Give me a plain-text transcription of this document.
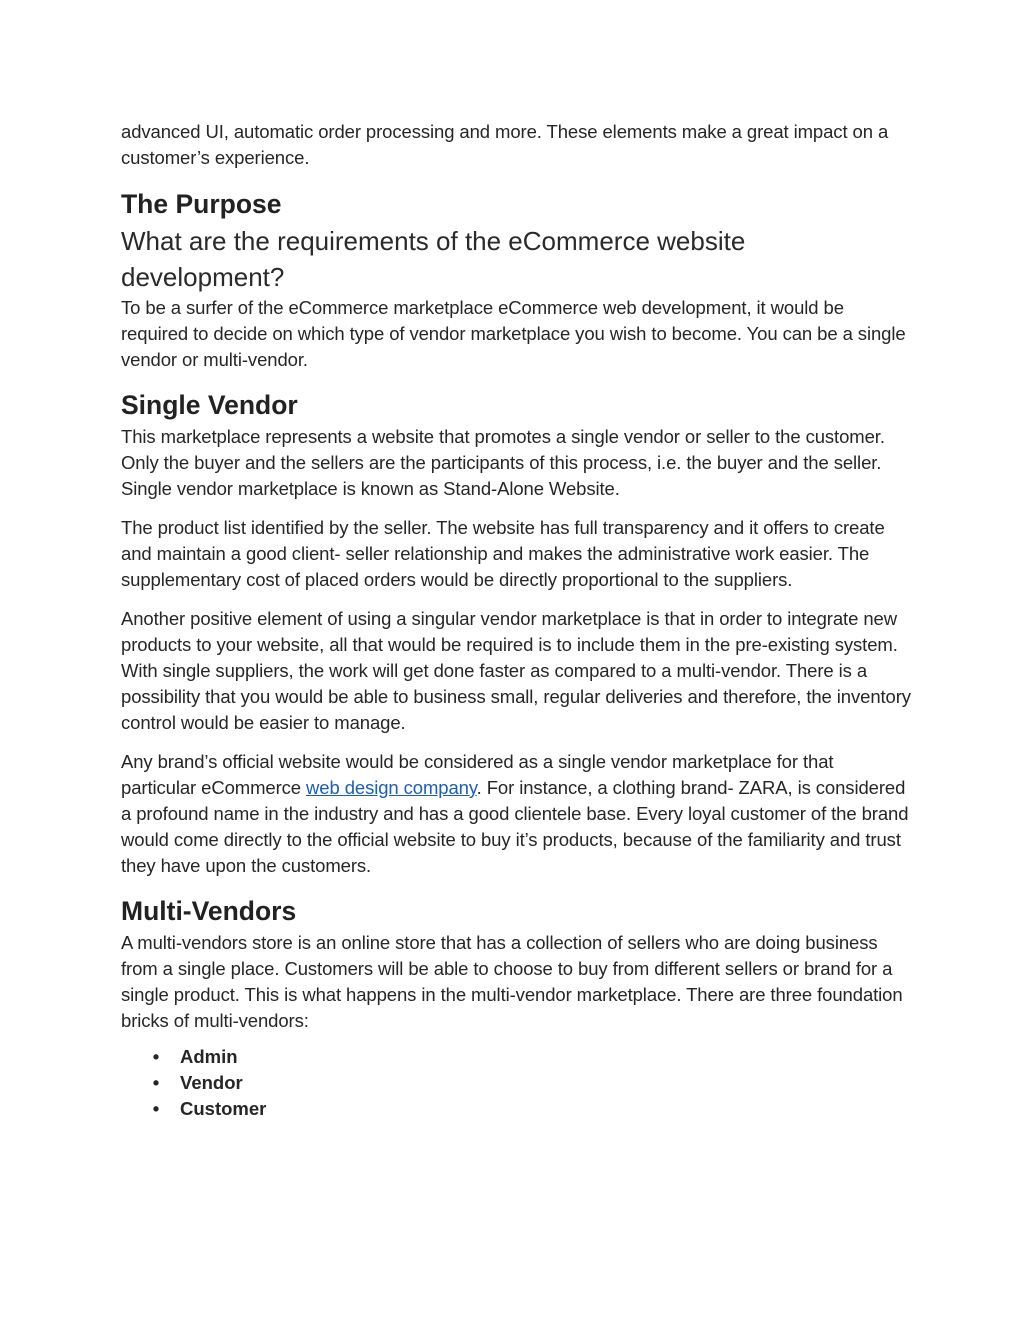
advanced UI, automatic order processing and more. These elements make a great impact on a customer’s experience.

The Purpose
What are the requirements of the eCommerce website development?

To be a surfer of the eCommerce marketplace eCommerce web development, it would be required to decide on which type of vendor marketplace you wish to become. You can be a single vendor or multi-vendor.

Single Vendor

This marketplace represents a website that promotes a single vendor or seller to the customer. Only the buyer and the sellers are the participants of this process, i.e. the buyer and the seller. Single vendor marketplace is known as Stand-Alone Website.

The product list identified by the seller. The website has full transparency and it offers to create and maintain a good client- seller relationship and makes the administrative work easier. The supplementary cost of placed orders would be directly proportional to the suppliers.

Another positive element of using a singular vendor marketplace is that in order to integrate new products to your website, all that would be required is to include them in the pre-existing system. With single suppliers, the work will get done faster as compared to a multi-vendor. There is a possibility that you would be able to business small, regular deliveries and therefore, the inventory control would be easier to manage.

Any brand’s official website would be considered as a single vendor marketplace for that particular eCommerce web design company. For instance, a clothing brand- ZARA, is considered a profound name in the industry and has a good clientele base. Every loyal customer of the brand would come directly to the official website to buy it’s products, because of the familiarity and trust they have upon the customers.

Multi-Vendors

A multi-vendors store is an online store that has a collection of sellers who are doing business from a single place. Customers will be able to choose to buy from different sellers or brand for a single product. This is what happens in the multi-vendor marketplace. There are three foundation bricks of multi-vendors:

• Admin
• Vendor
• Customer
